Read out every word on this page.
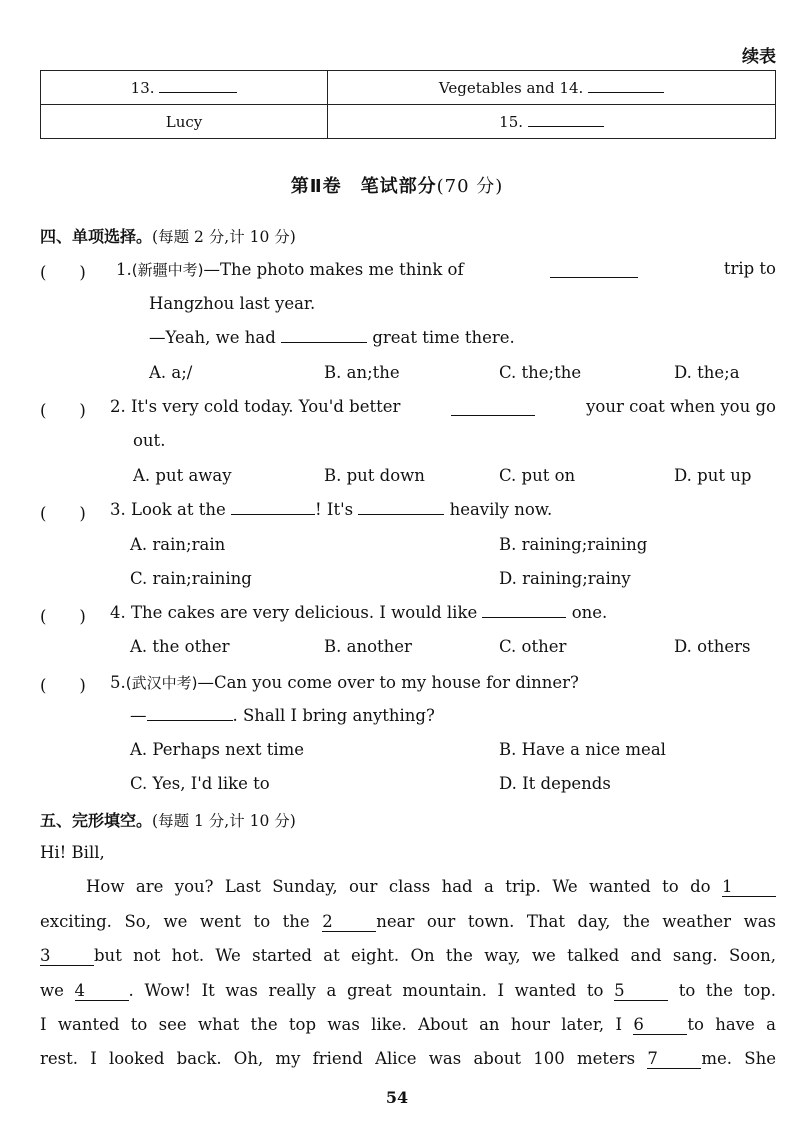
续表
13.	Vegetables and 14.
Lucy	15.
第Ⅱ卷　笔试部分(70 分)
四、单项选择。(每题 2 分,计 10 分)
(　　) 1.(新疆中考)—The photo makes me think of	trip to
Hangzhou last year.
—Yeah, we had	great time there.
A. a;/	B. an;the	C. the;the	D. the;a
(　　) 2. It's very cold today. You'd better	your coat when you go
out.
A. put away	B. put down	C. put on	D. put up
(　　) 3. Look at the	! It's	heavily now.
A. rain;rain	B. raining;raining
C. rain;raining	D. raining;rainy
(　　) 4. The cakes are very delicious. I would like	one.
A. the other	B. another	C. other	D. others
(　　) 5.(武汉中考)—Can you come over to my house for dinner?
—	. Shall I bring anything?
A. Perhaps next time	B. Have a nice meal
C. Yes, I'd like to	D. It depends
五、完形填空。(每题 1 分,计 10 分)
Hi! Bill,
How are you? Last Sunday, our class had a trip. We wanted to do 1
exciting. So, we went to the 2	near our town. That day, the weather was
3	but not hot. We started at eight. On the way, we talked and sang. Soon,
we 4	. Wow! It was really a great mountain. I wanted to 5	to the top.
I wanted to see what the top was like. About an hour later, I 6	to have a
rest. I looked back. Oh, my friend Alice was about 100 meters 7	me. She
54
